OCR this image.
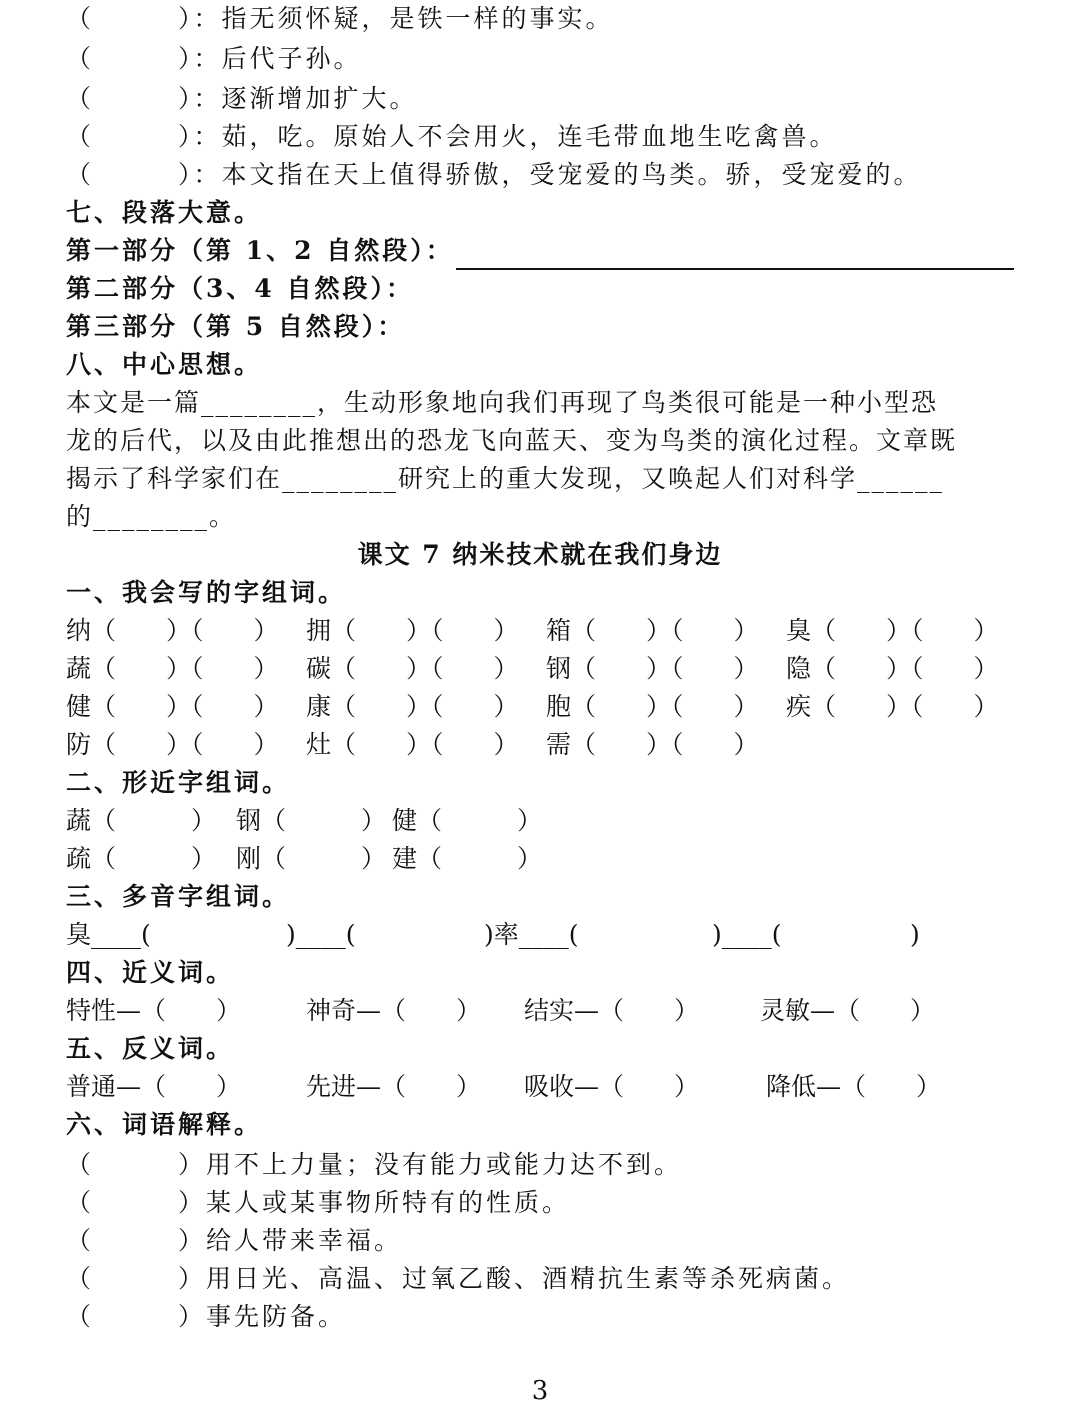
（　　　）：指无须怀疑，是铁一样的事实。
（　　　）：后代子孙。
（　　　）：逐渐增加扩大。
（　　　）：茹，吃。原始人不会用火，连毛带血地生吃禽兽。
（　　　）：本文指在天上值得骄傲，受宠爱的鸟类。骄，受宠爱的。
七、段落大意。
第一部分（第 1、2 自然段）：
第二部分（3、4 自然段）：
第三部分（第 5 自然段）：
八、中心思想。
本文是一篇________，生动形象地向我们再现了鸟类很可能是一种小型恐
龙的后代，以及由此推想出的恐龙飞向蓝天、变为鸟类的演化过程。文章既
揭示了科学家们在________研究上的重大发现，又唤起人们对科学______
的________。
课文 7 纳米技术就在我们身边
一、我会写的字组词。
纳（　　）（　　） 拥（　　）（　　） 箱（　　）（　　） 臭（　　）（　　）
蔬（　　）（　　） 碳（　　）（　　） 钢（　　）（　　） 隐（　　）（　　）
健（　　）（　　） 康（　　）（　　） 胞（　　）（　　） 疾（　　）（　　）
防（　　）（　　） 灶（　　）（　　） 需（　　）（　　）
二、形近字组词。
蔬（　　　） 钢（　　　） 健（　　　）
疏（　　　） 刚（　　　） 建（　　　）
三、多音字组词。
臭____(	)____(	)率____(	)____(	)
四、近义词。
特性—（　　）	神奇—（　　） 结实—（　　） 灵敏—（　　）
五、反义词。
普通—（　　）	先进—（　　） 吸收—（　　）	降低—（　　）
六、词语解释。
（　　　）用不上力量；没有能力或能力达不到。
（　　　）某人或某事物所特有的性质。
（　　　）给人带来幸福。
（　　　）用日光、高温、过氧乙酸、酒精抗生素等杀死病菌。
（　　　）事先防备。
3
